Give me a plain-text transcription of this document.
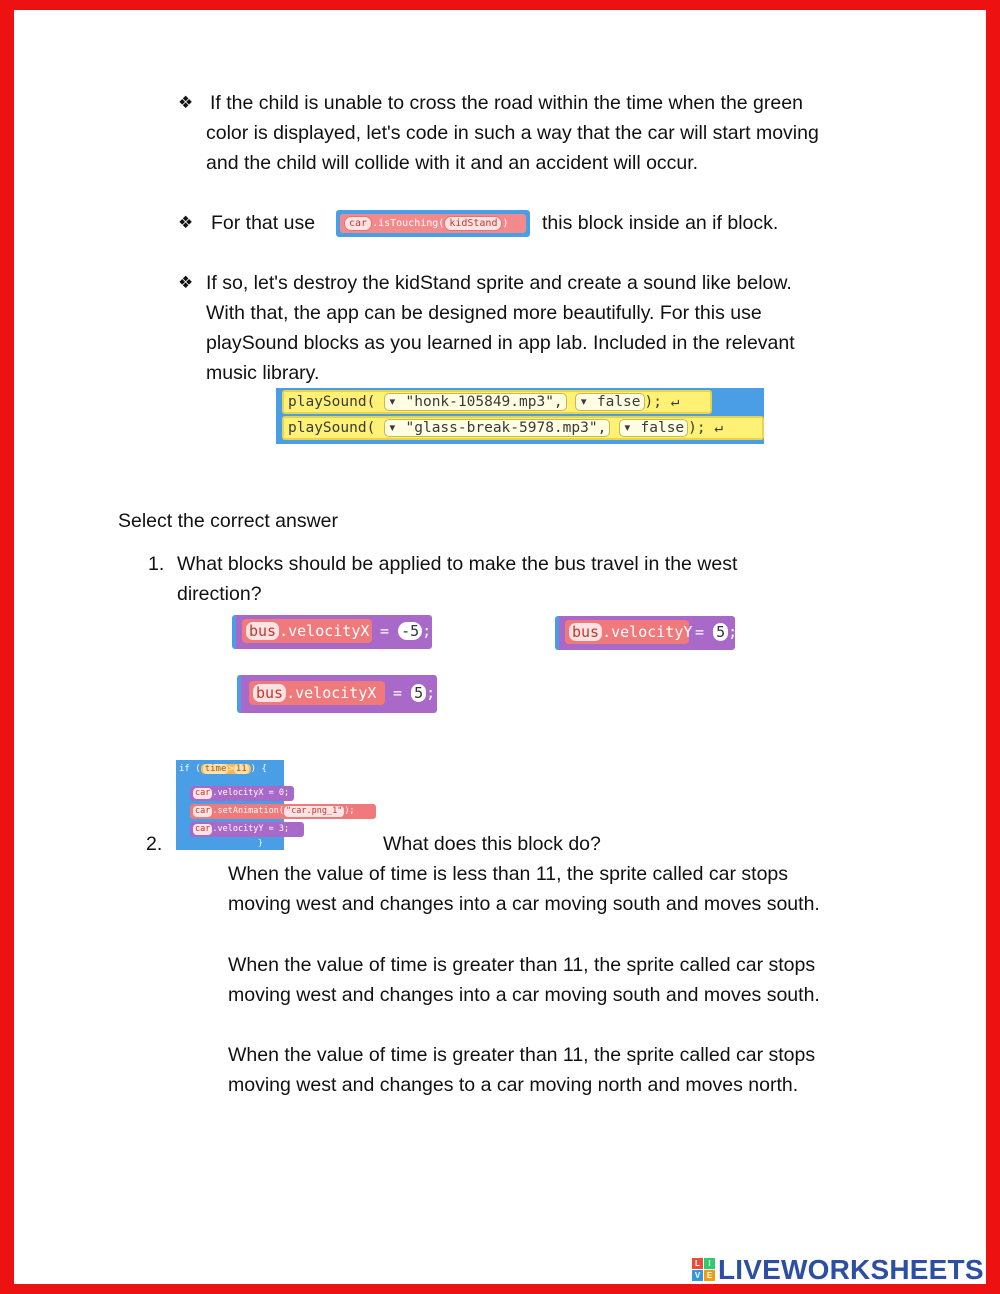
❖ If the child is unable to cross the road within the time when the green
color is displayed, let's code in such a way that the car will start moving
and the child will collide with it and an accident will occur.
❖ For that use	car .isTouching( kidStand )	this block inside an if block.
❖ If so, let's destroy the kidStand sprite and create a sound like below.
With that, the app can be designed more beautifully. For this use
playSound blocks as you learned in app lab. Included in the relevant
music library.
playSound( ▾ "honk-105849.mp3", ▾ false ); ↵
playSound( ▾ "glass-break-5978.mp3", ▾ false ); ↵
Select the correct answer
1. What blocks should be applied to make the bus travel in the west
direction?
bus .velocityX = -5 ;	bus .velocityY = 5 ;
bus .velocityX	= 5 ;
if ( time > 11 ) {
}
car .velocityX = 0;
car .setAnimation( "car.png_1" );
car .velocityY = 3;
2.	What does this block do?
When the value of time is less than 11, the sprite called car stops
moving west and changes into a car moving south and moves south.
When the value of time is greater than 11, the sprite called car stops
moving west and changes into a car moving south and moves south.
When the value of time is greater than 11, the sprite called car stops
moving west and changes to a car moving north and moves north.
L	I
V E LIVEWORKSHEETS
